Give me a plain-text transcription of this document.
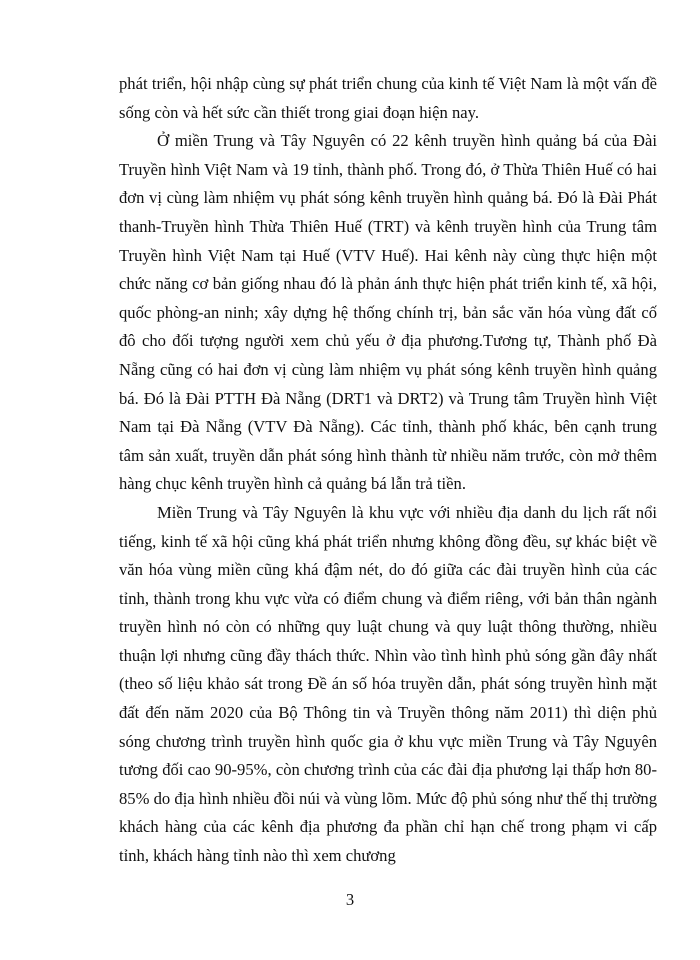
phát triển, hội nhập cùng sự phát triển chung của kinh tế Việt Nam là một vấn đề sống còn và hết sức cần thiết trong giai đoạn hiện nay.

Ở miền Trung và Tây Nguyên có 22 kênh truyền hình quảng bá của Đài Truyền hình Việt Nam và 19 tỉnh, thành phố. Trong đó, ở Thừa Thiên Huế có hai đơn vị cùng làm nhiệm vụ phát sóng kênh truyền hình quảng bá. Đó là Đài Phát thanh-Truyền hình Thừa Thiên Huế (TRT) và kênh truyền hình của Trung tâm Truyền hình Việt Nam tại Huế (VTV Huế). Hai kênh này cùng thực hiện một chức năng cơ bản giống nhau đó là phản ánh thực hiện phát triển kinh tế, xã hội, quốc phòng-an ninh; xây dựng hệ thống chính trị, bản sắc văn hóa vùng đất cố đô cho đối tượng người xem chủ yếu ở địa phương.Tương tự, Thành phố Đà Nẵng cũng có hai đơn vị cùng làm nhiệm vụ phát sóng kênh truyền hình quảng bá. Đó là Đài PTTH Đà Nẵng (DRT1 và DRT2) và Trung tâm Truyền hình Việt Nam tại Đà Nẵng (VTV Đà Nẵng). Các tỉnh, thành phố khác, bên cạnh trung tâm sản xuất, truyền dẫn phát sóng hình thành từ nhiều năm trước, còn mở thêm hàng chục kênh truyền hình cả quảng bá lẫn trả tiền.

Miền Trung và Tây Nguyên là khu vực với nhiều địa danh du lịch rất nổi tiếng, kinh tế xã hội cũng khá phát triển nhưng không đồng đều, sự khác biệt về văn hóa vùng miền cũng khá đậm nét, do đó giữa các đài truyền hình của các tỉnh, thành trong khu vực vừa có điểm chung và điểm riêng, với bản thân ngành truyền hình nó còn có những quy luật chung và quy luật thông thường, nhiều thuận lợi nhưng cũng đầy thách thức. Nhìn vào tình hình phủ sóng gần đây nhất (theo số liệu khảo sát trong Đề án số hóa truyền dẫn, phát sóng truyền hình mặt đất đến năm 2020 của Bộ Thông tin và Truyền thông năm 2011) thì diện phủ sóng chương trình truyền hình quốc gia ở khu vực miền Trung và Tây Nguyên tương đối cao 90-95%, còn chương trình của các đài địa phương lại thấp hơn 80-85% do địa hình nhiều đồi núi và vùng lõm. Mức độ phủ sóng như thế thị trường khách hàng của các kênh địa phương đa phần chỉ hạn chế trong phạm vi cấp tỉnh, khách hàng tỉnh nào thì xem chương

3
